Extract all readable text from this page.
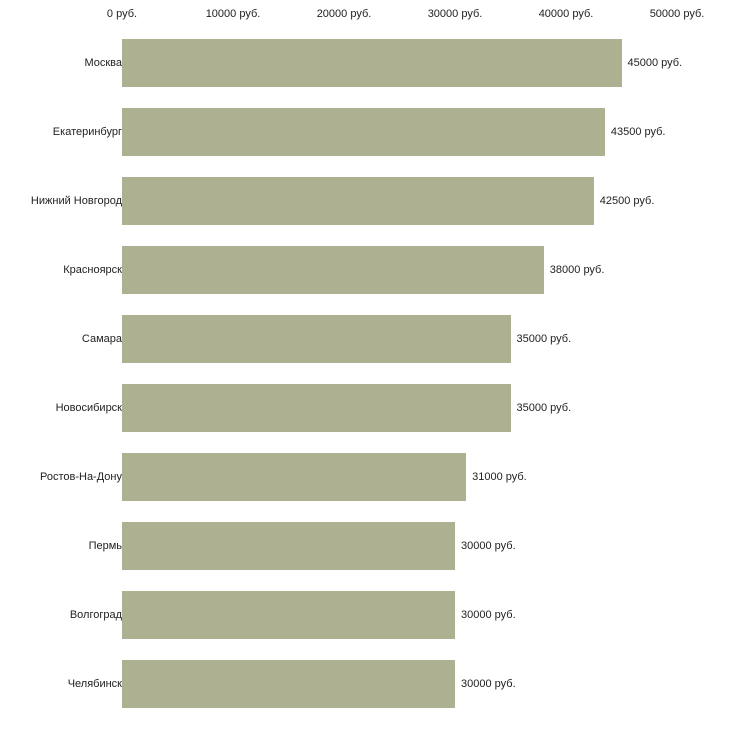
0 руб.	10000 руб.	20000 руб.	30000 руб.	40000 руб.	50000 руб.
Москва	45000 руб.
Екатеринбург	43500 руб.
Нижний Новгород	42500 руб.
Красноярск	38000 руб.
Самара	35000 руб.
Новосибирск	35000 руб.
Ростов-На-Дону	31000 руб.
Пермь	30000 руб.
Волгоград	30000 руб.
Челябинск	30000 руб.
